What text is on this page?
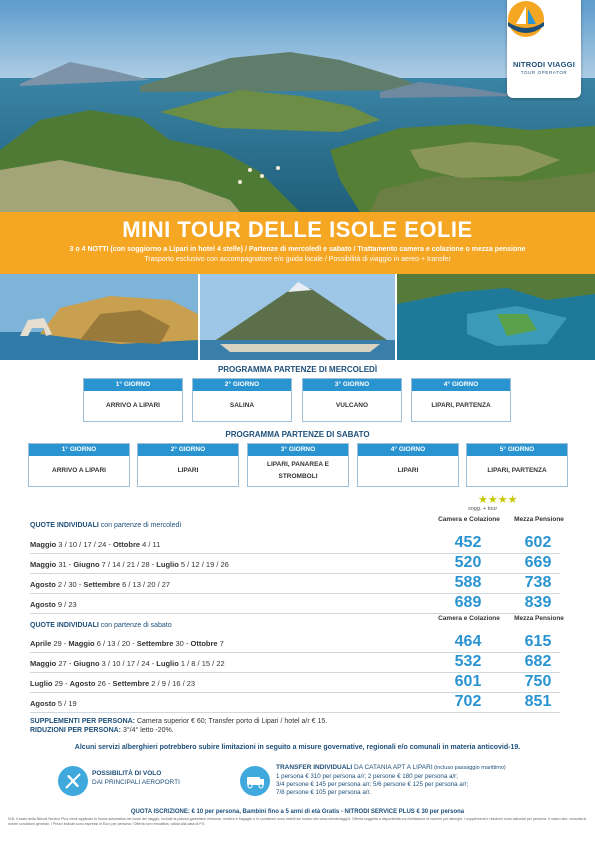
NITRODI VIAGGI
TOUR OPERATOR
MINI TOUR DELLE ISOLE EOLIE
3 o 4 NOTTI (con soggiorno a Lipari in hotel 4 stelle) / Partenze di mercoledì e sabato / Trattamento camera e colazione o mezza pensione
Trasporto esclusivo con accompagnatore e/o guida locale / Possibilità di viaggio in aereo + transfer
PROGRAMMA PARTENZE DI MERCOLEDÌ
1° GIORNO
ARRIVO A LIPARI
2° GIORNO
SALINA
3° GIORNO
VULCANO
4° GIORNO
LIPARI, PARTENZA
PROGRAMMA PARTENZE DI SABATO
1° GIORNO
ARRIVO A LIPARI
2° GIORNO
LIPARI
3° GIORNO
LIPARI, PANAREA E STROMBOLI
4° GIORNO
LIPARI
5° GIORNO
LIPARI, PARTENZA
★★★★
sogg. + tour
QUOTE INDIVIDUALI con partenze di mercoledì
Camera e Colazione	Mezza Pensione
Maggio 3 / 10 / 17 / 24 - Ottobre 4 / 11	452	602
Maggio 31 - Giugno 7 / 14 / 21 / 28 - Luglio 5 / 12 / 19 / 26	520	669
Agosto 2 / 30 - Settembre 6 / 13 / 20 / 27	588	738
Agosto 9 / 23	689	839
QUOTE INDIVIDUALI con partenze di sabato
Camera e Colazione	Mezza Pensione
Aprile 29 - Maggio 6 / 13 / 20 - Settembre 30 - Ottobre 7	464	615
Maggio 27 - Giugno 3 / 10 / 17 / 24 - Luglio 1 / 8 / 15 / 22	532	682
Luglio 29 - Agosto 26 - Settembre 2 / 9 / 16 / 23	601	750
Agosto 5 / 19	702	851
SUPPLEMENTI PER PERSONA: Camera superior € 60; Transfer porto di Lipari / hotel a/r € 15.
RIDUZIONI PER PERSONA: 3°/4° letto -20%.
Alcuni servizi alberghieri potrebbero subire limitazioni in seguito a misure governative, regionali e/o comunali in materia anticovid-19.
POSSIBILITÀ DI VOLO
DAI PRINCIPALI AEROPORTI
TRANSFER INDIVIDUALI DA CATANIA APT A LIPARI (incluso passaggio marittimo)
1 persona € 310 per persona a/r; 2 persone € 180 per persona a/r;
3/4 persone € 145 per persona a/r; 5/6 persone € 125 per persona a/r;
7/8 persone € 105 per persona a/r.
QUOTA ISCRIZIONE: € 10 per persona, Bambini fino a 5 anni di età Gratis - NITRODI SERVICE PLUS € 30 per persona
N.B. il costo della Nitrodi Service Plus viene applicato in forma automatica nel costo del viaggio, include la polizza garantisce rimborso, medico e bagaglio e le condizioni sono visibili sul nostro sito www.nitrodiviaggi.it. Offerta soggetta a disponibilità con limitazione di camere per alberghi. I supplementi e riduzioni sono calcolati per persona. Il nostro sito: consulta le nostre condizioni generali. I Prezzi indicati sono espressi in Euro per persona / Offerta non retroattiva, valida alla data di P.E.
